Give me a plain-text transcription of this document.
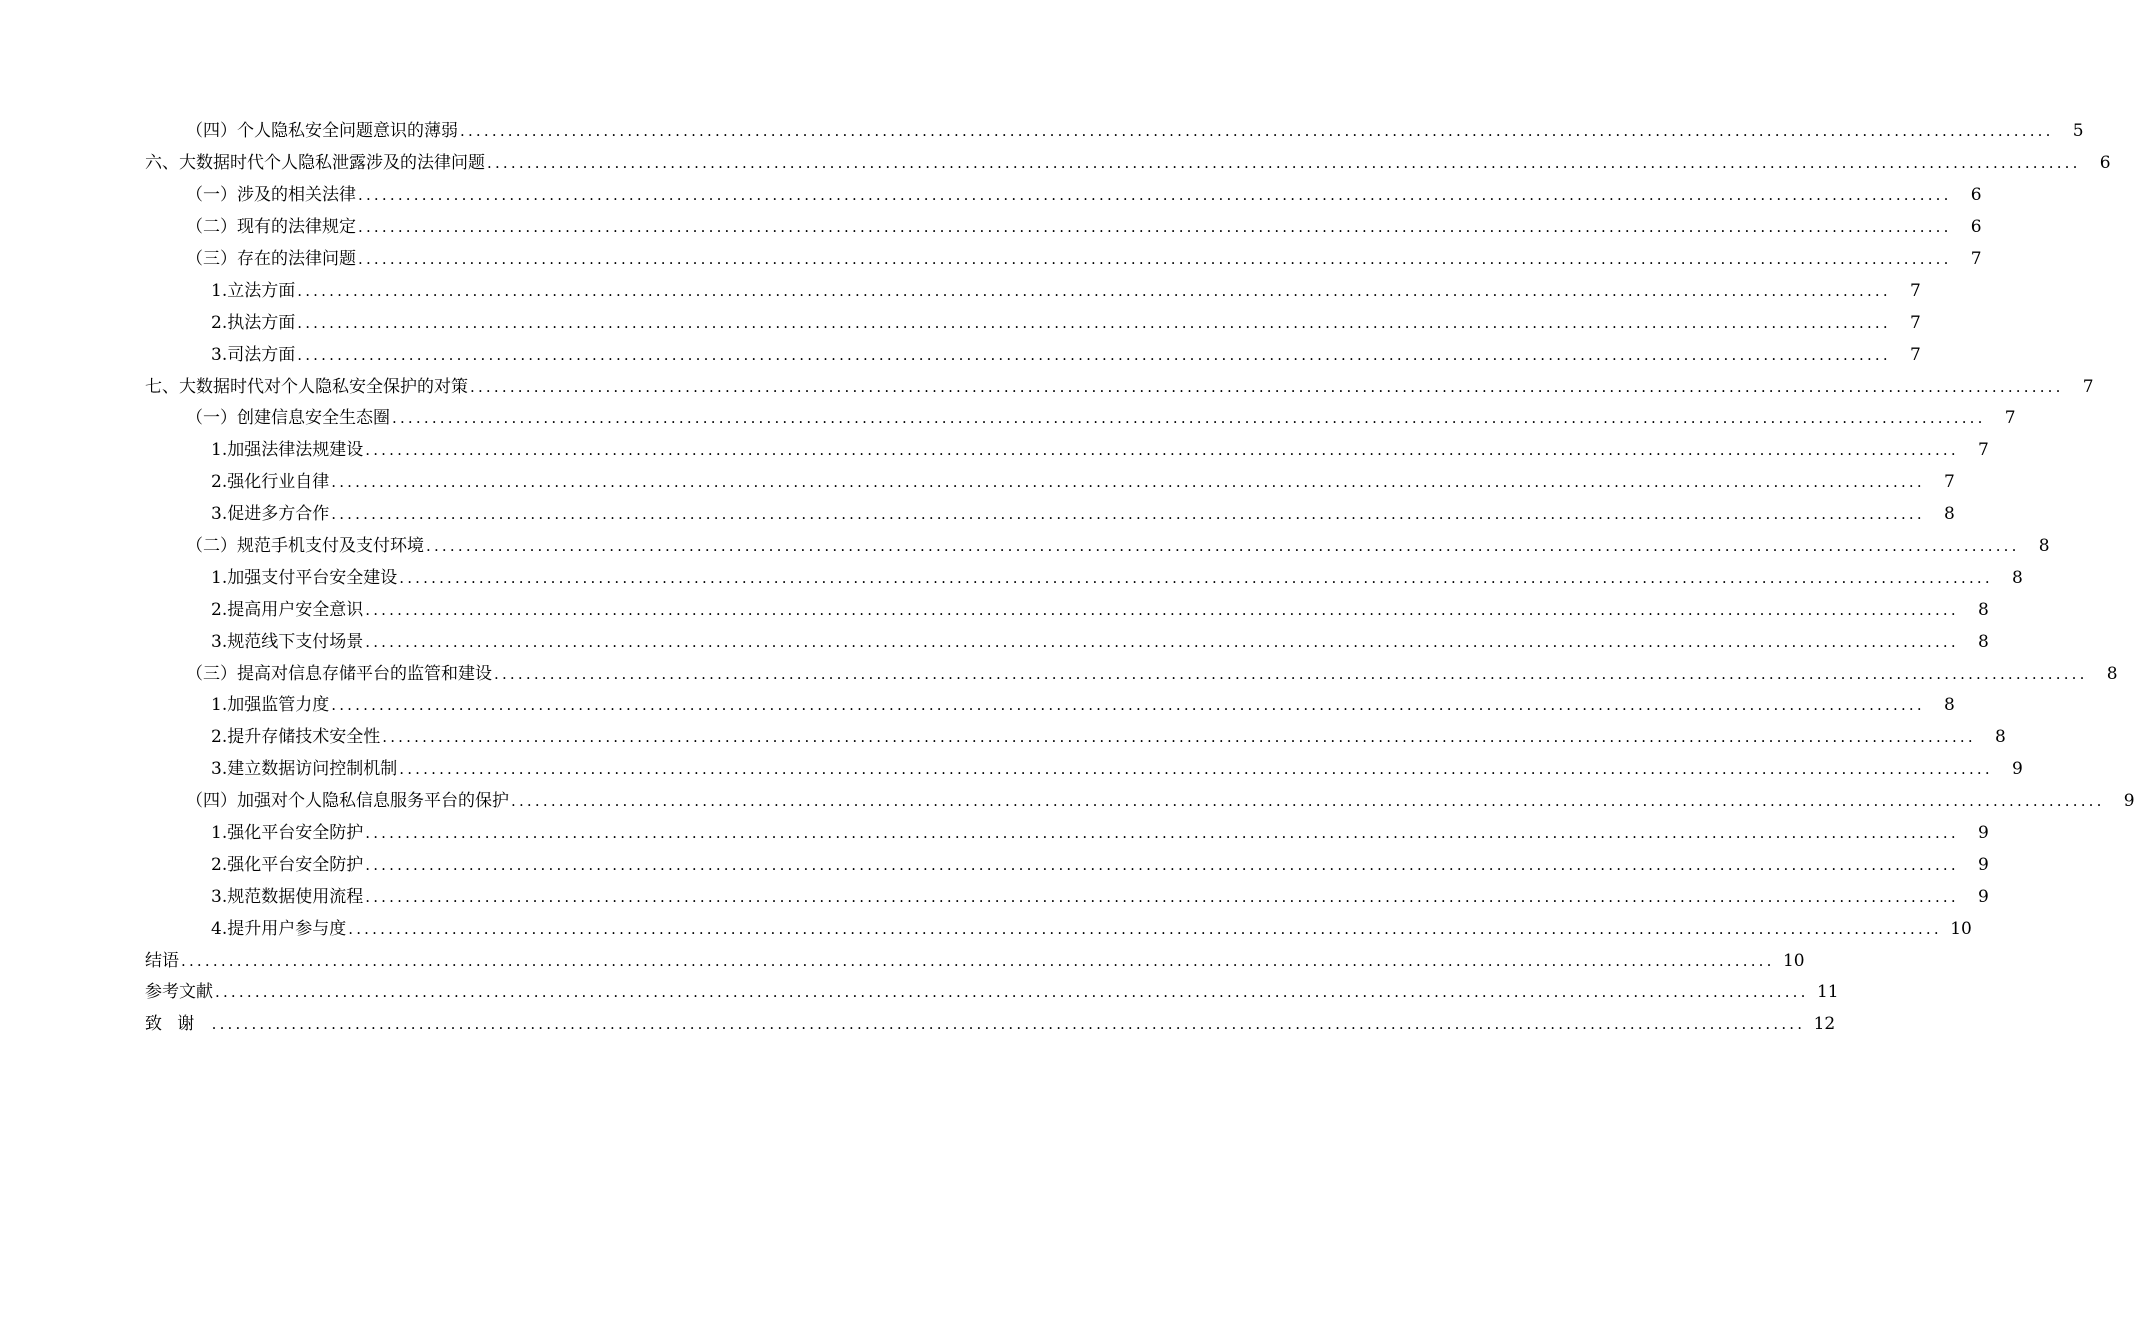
（四）个人隐私安全问题意识的薄弱 ........................................................................................................................................................................................................	5
六、大数据时代个人隐私泄露涉及的法律问题 ........................................................................................................................................................................................................	6
（一）涉及的相关法律 ........................................................................................................................................................................................................	6
（二）现有的法律规定 ........................................................................................................................................................................................................	6
（三）存在的法律问题 ........................................................................................................................................................................................................	7
1.立法方面 ........................................................................................................................................................................................................	7
2.执法方面 ........................................................................................................................................................................................................	7
3.司法方面 ........................................................................................................................................................................................................	7
七、大数据时代对个人隐私安全保护的对策 ........................................................................................................................................................................................................	7
（一）创建信息安全生态圈 ........................................................................................................................................................................................................	7
1.加强法律法规建设 ........................................................................................................................................................................................................	7
2.强化行业自律 ........................................................................................................................................................................................................	7
3.促进多方合作 ........................................................................................................................................................................................................	8
（二）规范手机支付及支付环境 ........................................................................................................................................................................................................	8
1.加强支付平台安全建设 ........................................................................................................................................................................................................	8
2.提高用户安全意识 ........................................................................................................................................................................................................	8
3.规范线下支付场景 ........................................................................................................................................................................................................	8
（三）提高对信息存储平台的监管和建设 ........................................................................................................................................................................................................	8
1.加强监管力度 ........................................................................................................................................................................................................	8
2.提升存储技术安全性 ........................................................................................................................................................................................................	8
3.建立数据访问控制机制 ........................................................................................................................................................................................................	9
（四）加强对个人隐私信息服务平台的保护 ........................................................................................................................................................................................................	9
1.强化平台安全防护 ........................................................................................................................................................................................................	9
2.强化平台安全防护 ........................................................................................................................................................................................................	9
3.规范数据使用流程 ........................................................................................................................................................................................................	9
4.提升用户参与度 ........................................................................................................................................................................................................ 10
结语 ........................................................................................................................................................................................................ 10
参考文献 ........................................................................................................................................................................................................ 11
致谢 ........................................................................................................................................................................................................ 12
